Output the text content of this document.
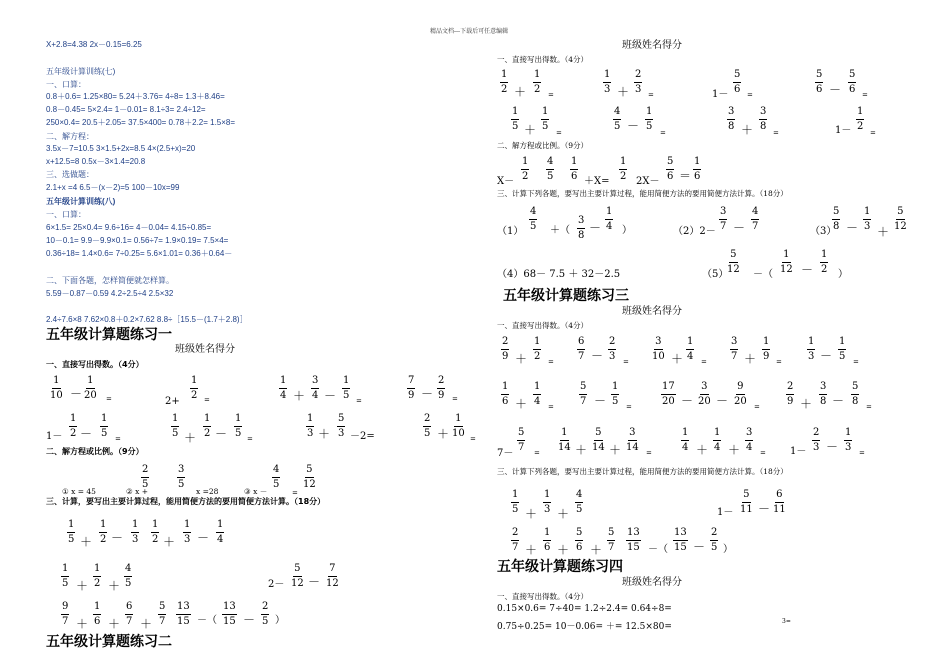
精品文档---下载后可任意编辑
X+2.8=4.38 2x－0.15=6.25
五年级计算训练(七)
一、口算：
0.8＋0.6= 1.25×80= 5.24＋3.76= 4÷8= 1.3＋8.46=
0.8－0.45= 5×2.4= 1－0.01= 8.1÷3= 2.4÷12=
250×0.4= 20.5＋2.05= 37.5×400= 0.78＋2.2= 1.5×8=
二、解方程：
3.5x－7=10.5 3×1.5+2x=8.5 4×(2.5+x)=20
x+12.5=8 0.5x－3×1.4=20.8
三、选做题：
2.1+x =4 6.5－(x－2)=5 100－10x=99
五年级计算训练(八)
一、口算：
6×1.5= 25×0.4= 9.6÷16= 4－0.04= 4.15÷0.85=
10－0.1= 9.9－9.9×0.1= 0.56÷7= 1.9×0.19= 7.5×4=
0.36÷18= 1.4×0.6= 7÷0.25= 5.6×1.01= 0.36＋0.64－
二、下面各题，怎样简便就怎样算。
5.59－0.87－0.59 4.2÷2.5÷4 2.5×32
2.4÷7.6×8 7.62×0.8＋0.2×7.62 8.8÷［15.5－(1.7＋2.8)］
五年级计算题练习一
班级姓名得分
一、直接写出得数。（4分）
1
10 －
1
20 =	2+
1
2 =
1
4 ＋
3
4 －
1
5 =
7
9 －
2
9 =
1－
1
2 －
1
5 =
1
5 ＋
1
2 －
1
5 =
1
3 ＋
5
3 －2=
2
5 ＋
1
10 =
二、解方程或比例。（9分）
2
5
3
5
4
5
5
12
① x = 45	② x +	x =28	③ x －	=
三、计算，要写出主要计算过程，能用简便方法的要用简便方法计算。（18分）
1
5 ＋
1
2 －
1
3
1
2 ＋
1
3 －
1
4
1
5 ＋
1
2 ＋
4
5	2－
5
12 －
7
12
9
7 ＋
1
6 ＋
6
7 ＋
5
7
13
15 －（
13
15 －
2
5 ）
五年级计算题练习二
班级姓名得分
一、直接写出得数。（4分）
1
2 ＋
1
2 =
1
3 ＋
2
3 =	1－
5
6 =
5
6 －
5
6 =
1
5 ＋
1
5
=
4
5 －
1
5
=
3
8 ＋
3
8
=	1－
1
2
=
二、解方程或比例。（9分）
X－
1
2
4
5
1
6 ＋X=
1
2 2X－
5
6 ＝
1
6
三、计算下列各题，要写出主要计算过程，能用简便方法的要用简便方法计算。（18分）
4
5
1
4
3
7
4
7
5
8
1
3
5
12
（1）	＋（
3
8
－ ）	（2）2－ －	（3） － ＋
5
12
1
12
1
2
（4）68－ 7.5 ＋ 32－2.5	（5） －（ － ）
五年级计算题练习三
班级姓名得分
一、直接写出得数。（4分）
2
9 ＋
1
2 =
6
7 －
2
3 =
3
10 ＋
1
4 =
3
7 ＋
1
9 =
1
3 －
1
5 =
1
6 ＋
1
4 =
5
7 －
1
5 =
17
20 －
3
20 －
9
20 =
2
9 ＋
3
8 －
5
8 =
7－
5
7 =
1
14 ＋
5
14 ＋
3
14 =
1
4 ＋
1
4 ＋
3
4 = 1－
2
3 －
1
3 =
三、计算下列各题，要写出主要计算过程，能用简便方法的要用简便方法计算。（18分）
1
5 ＋
1
3 ＋
4
5	1－
5
11 －
6
11
2
7 ＋
1
6 ＋
5
6 ＋
5
7
13
15 －（
13
15 －
2
5 ）
五年级计算题练习四
班级姓名得分
一、直接写出得数。（4分）
0.15×0.6= 7÷40= 1.2÷2.4= 0.64÷8=
0.75÷0.25= 10－0.06= ＋= 12.5×80=
3=
